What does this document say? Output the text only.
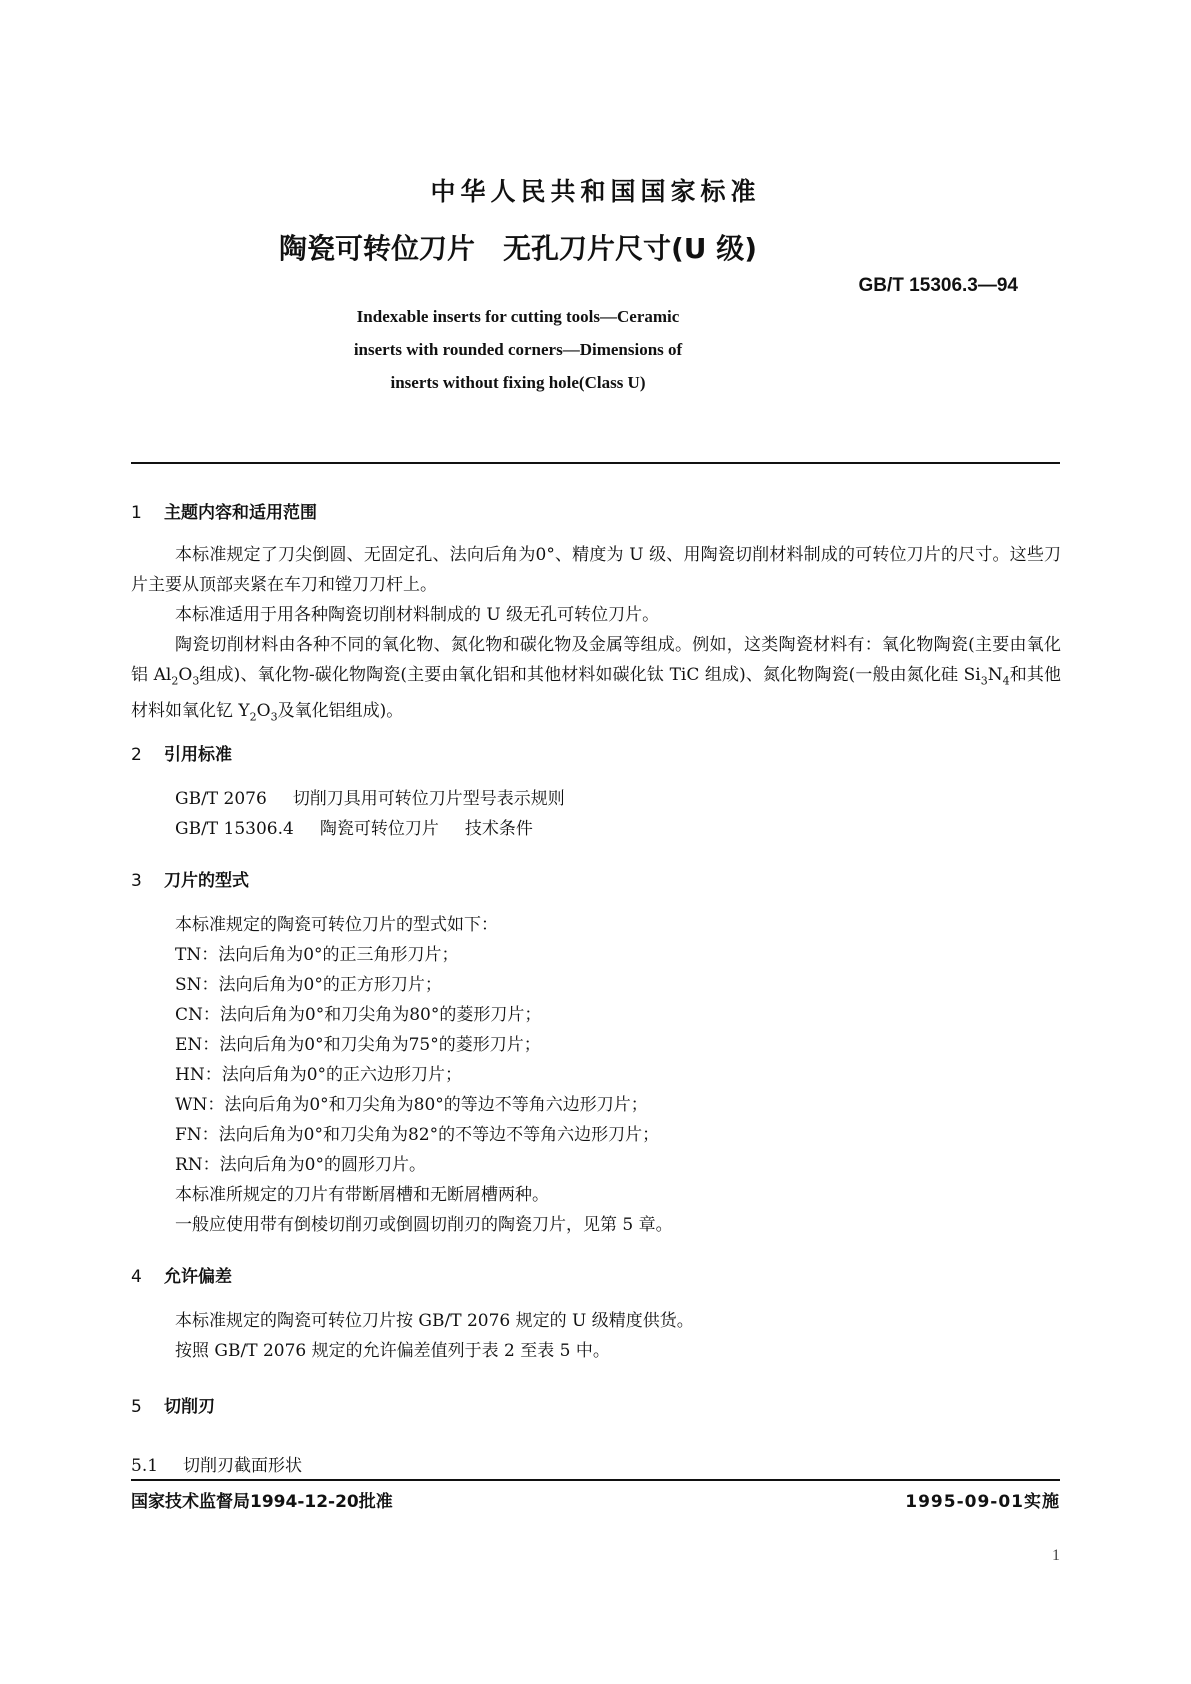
中华人民共和国国家标准
陶瓷可转位刀片 无孔刀片尺寸(U 级)
GB/T 15306.3—94
Indexable inserts for cutting tools—Ceramic
inserts with rounded corners—Dimensions of
inserts without fixing hole(Class U)
1 主题内容和适用范围
本标准规定了刀尖倒圆、无固定孔、法向后角为0°、精度为 U 级、用陶瓷切削材料制成的可转位刀片的尺寸。这些刀片主要从顶部夹紧在车刀和镗刀刀杆上。
本标准适用于用各种陶瓷切削材料制成的 U 级无孔可转位刀片。
陶瓷切削材料由各种不同的氧化物、氮化物和碳化物及金属等组成。例如，这类陶瓷材料有：氧化物陶瓷(主要由氧化铝 $Al_2O_3$组成)、氧化物-碳化物陶瓷(主要由氧化铝和其他材料如碳化钛 TiC 组成)、氮化物陶瓷(一般由氮化硅 $Si_3N_4$和其他材料如氧化钇 $Y_2O_3$及氧化铝组成)。
2 引用标准
GB/T 2076 切削刀具用可转位刀片型号表示规则
GB/T 15306.4 陶瓷可转位刀片 技术条件
3 刀片的型式
本标准规定的陶瓷可转位刀片的型式如下：
TN：法向后角为0°的正三角形刀片；
SN：法向后角为0°的正方形刀片；
CN：法向后角为0°和刀尖角为80°的菱形刀片；
EN：法向后角为0°和刀尖角为75°的菱形刀片；
HN：法向后角为0°的正六边形刀片；
WN：法向后角为0°和刀尖角为80°的等边不等角六边形刀片；
FN：法向后角为0°和刀尖角为82°的不等边不等角六边形刀片；
RN：法向后角为0°的圆形刀片。
本标准所规定的刀片有带断屑槽和无断屑槽两种。
一般应使用带有倒棱切削刃或倒圆切削刃的陶瓷刀片，见第 5 章。
4 允许偏差
本标准规定的陶瓷可转位刀片按 GB/T 2076 规定的 U 级精度供货。
按照 GB/T 2076 规定的允许偏差值列于表 2 至表 5 中。
5 切削刃
5.1 切削刃截面形状
国家技术监督局1994-12-20批准	1995-09-01实施
1
